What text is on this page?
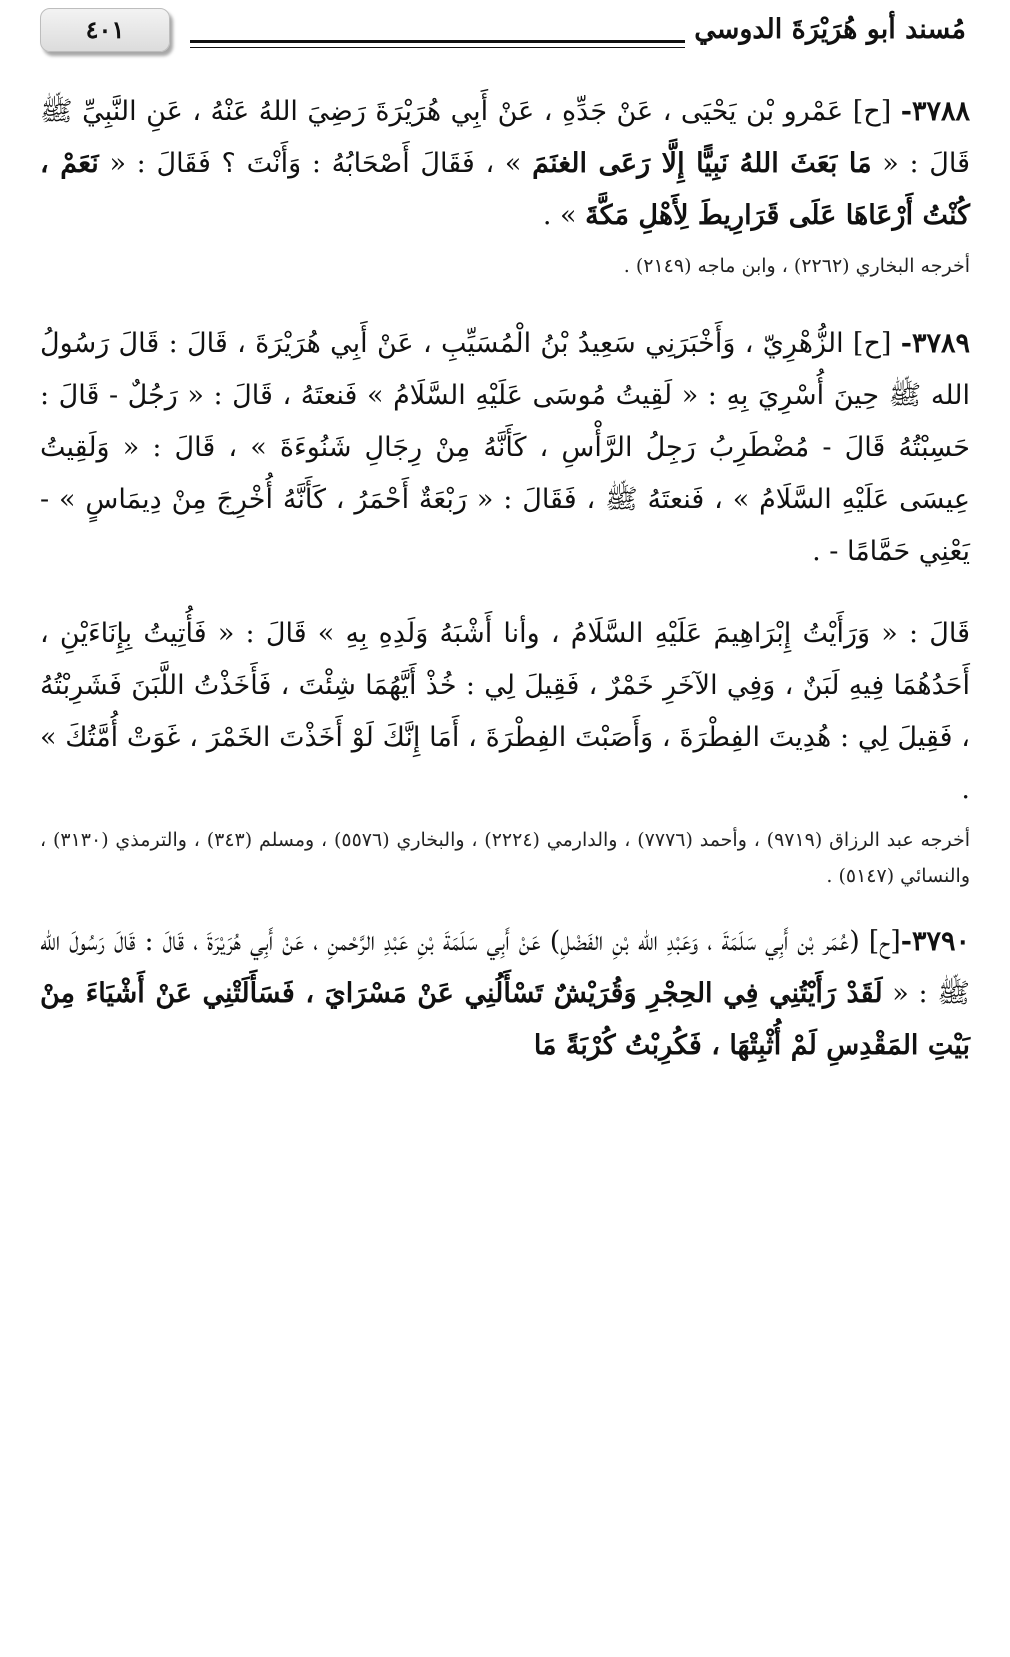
مُسند أبو هُرَيْرَةَ الدوسي
٤٠١

٣٧٨٨- [ح] عَمْرو بْن يَحْيَى ، عَنْ جَدِّهِ ، عَنْ أَبِي هُرَيْرَةَ رَضِيَ اللهُ عَنْهُ ، عَنِ النَّبِيِّ ﷺ قَالَ : « مَا بَعَثَ اللهُ نَبِيًّا إِلَّا رَعَى الغنَمَ » ، فَقَالَ أَصْحَابُهُ : وَأَنْتَ ؟ فَقَالَ : « نَعَمْ ، كُنْتُ أَرْعَاهَا عَلَى قَرَارِيطَ لِأَهْلِ مَكَّةَ » .

أخرجه البخاري (٢٢٦٢) ، وابن ماجه (٢١٤٩) .

٣٧٨٩- [ح] الزُّهْرِيّ ، وَأَخْبَرَنِي سَعِيدُ بْنُ الْمُسَيِّبِ ، عَنْ أَبِي هُرَيْرَةَ ، قَالَ : قَالَ رَسُولُ الله ﷺ حِينَ أُسْرِيَ بِهِ : « لَقِيتُ مُوسَى عَلَيْهِ السَّلَامُ » فَنعتَهُ ، قَالَ : « رَجُلٌ - قَالَ : حَسِبْتُهُ قَالَ - مُضْطَرِبُ رَجِلُ الرَّأْسِ ، كَأَنَّهُ مِنْ رِجَالِ شَنُوءَةَ » ، قَالَ : « وَلَقِيتُ عِيسَى عَلَيْهِ السَّلَامُ » ، فَنعتَهُ ﷺ ، فَقَالَ : « رَبْعَةٌ أَحْمَرُ ، كَأَنَّهُ أُخْرِجَ مِنْ دِيمَاسٍ » - يَعْنِي حَمَّامًا - .

قَالَ : « وَرَأَيْتُ إِبْرَاهِيمَ عَلَيْهِ السَّلَامُ ، وأنا أَشْبَهُ وَلَدِهِ بِهِ » قَالَ : « فَأُتِيتُ بِإِنَاءَيْنِ ، أَحَدُهُمَا فِيهِ لَبَنٌ ، وَفِي الآخَرِ خَمْرٌ ، فَقِيلَ لِي : خُذْ أَيَّهُمَا شِئْتَ ، فَأَخَذْتُ اللَّبَنَ فَشَرِبْتُهُ ، فَقِيلَ لِي : هُدِيتَ الفِطْرَةَ ، وَأَصَبْتَ الفِطْرَةَ ، أَمَا إِنَّكَ لَوْ أَخَذْتَ الخَمْرَ ، غَوَتْ أُمَّتُكَ » .

أخرجه عبد الرزاق (٩٧١٩) ، وأحمد (٧٧٧٦) ، والدارمي (٢٢٢٤) ، والبخاري (٥٥٧٦) ، ومسلم (٣٤٣) ، والترمذي (٣١٣٠) ، والنسائي (٥١٤٧) .

٣٧٩٠-[ح] (عُمَر بْن أَبِي سَلَمَةَ ، وَعَبْدِ الله بْنِ الفَضْلِ) عَنْ أَبِي سَلَمَةَ بْنِ عَبْدِ الرَّحْمنِ ، عَنْ أَبِي هُرَيْرَةَ ، قَالَ : قَالَ رَسُولَ الله ﷺ : « لَقَدْ رَأَيْتُنِي فِي الحِجْرِ وَقُرَيْشٌ تَسْأَلُنِي عَنْ مَسْرَايَ ، فَسَأَلَتْنِي عَنْ أَشْيَاءَ مِنْ بَيْتِ المَقْدِسِ لَمْ أُثْبِتْهَا ، فَكُرِبْتُ كُرْبَةً مَا
